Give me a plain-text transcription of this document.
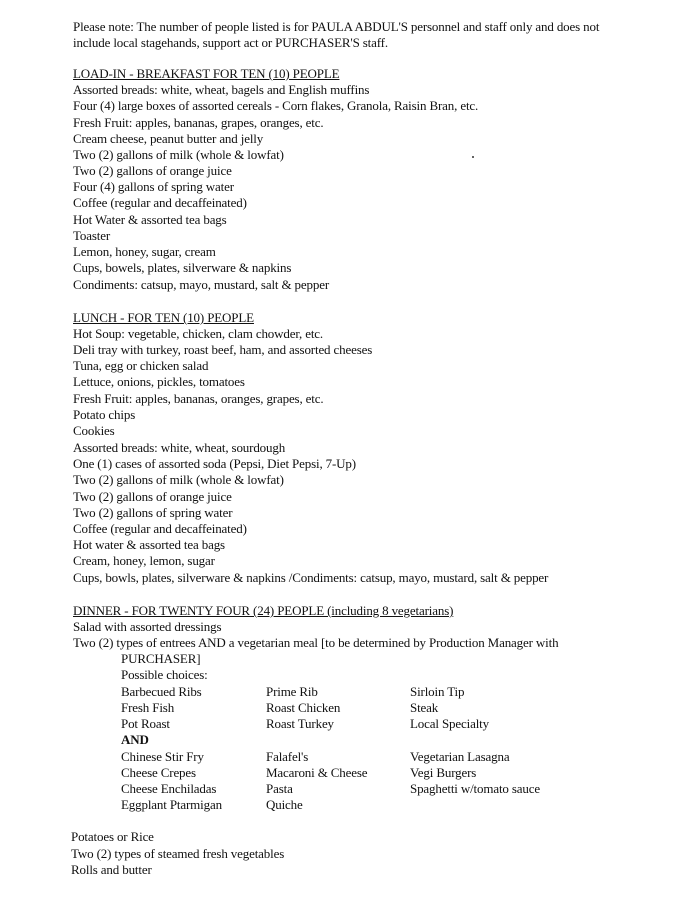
Please note: The number of people listed is for PAULA ABDUL'S personnel and staff only and does not
include local stagehands, support act or PURCHASER'S staff.
LOAD-IN - BREAKFAST FOR TEN (10) PEOPLE
Assorted breads: white, wheat, bagels and English muffins
Four (4) large boxes of assorted cereals - Corn flakes, Granola, Raisin Bran, etc.
Fresh Fruit: apples, bananas, grapes, oranges, etc.
Cream cheese, peanut butter and jelly
Two (2) gallons of milk (whole & lowfat)
Two (2) gallons of orange juice
Four (4) gallons of spring water
Coffee (regular and decaffeinated)
Hot Water & assorted tea bags
Toaster
Lemon, honey, sugar, cream
Cups, bowels, plates, silverware & napkins
Condiments: catsup, mayo, mustard, salt & pepper
LUNCH - FOR TEN (10) PEOPLE
Hot Soup: vegetable, chicken, clam chowder, etc.
Deli tray with turkey, roast beef, ham, and assorted cheeses
Tuna, egg or chicken salad
Lettuce, onions, pickles, tomatoes
Fresh Fruit: apples, bananas, oranges, grapes, etc.
Potato chips
Cookies
Assorted breads: white, wheat, sourdough
One (1) cases of assorted soda (Pepsi, Diet Pepsi, 7-Up)
Two (2) gallons of milk (whole & lowfat)
Two (2) gallons of orange juice
Two (2) gallons of spring water
Coffee (regular and decaffeinated)
Hot water & assorted tea bags
Cream, honey, lemon, sugar
Cups, bowls, plates, silverware & napkins /Condiments: catsup, mayo, mustard, salt & pepper
DINNER - FOR TWENTY FOUR (24) PEOPLE (including 8 vegetarians)
Salad with assorted dressings
Two (2) types of entrees AND a vegetarian meal [to be determined by Production Manager with
PURCHASER]
Possible choices:
Barbecued Ribs	Prime Rib	Sirloin Tip
Fresh Fish	Roast Chicken	Steak
Pot Roast	Roast Turkey	Local Specialty
AND
Chinese Stir Fry	Falafel's	Vegetarian Lasagna
Cheese Crepes	Macaroni & Cheese	Vegi Burgers
Cheese Enchiladas	Pasta	Spaghetti w/tomato sauce
Eggplant Ptarmigan	Quiche
Potatoes or Rice
Two (2) types of steamed fresh vegetables
Rolls and butter
